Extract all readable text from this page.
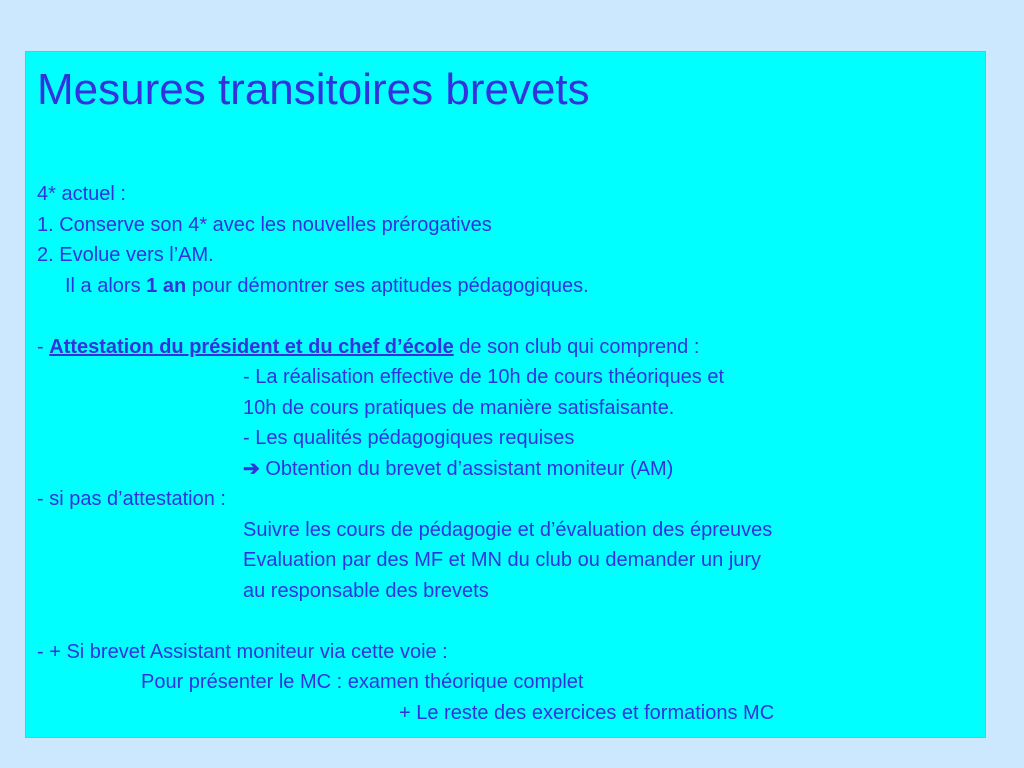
Mesures transitoires brevets
4* actuel :
1. Conserve son 4* avec les nouvelles prérogatives
2. Evolue vers l’AM.
Il a alors 1 an pour démontrer ses aptitudes pédagogiques.
- Attestation du président et du chef d’école de son club qui comprend :
- La réalisation effective de 10h de cours théoriques et
10h de cours pratiques de manière satisfaisante.
- Les qualités pédagogiques requises
➔ Obtention du brevet d’assistant moniteur (AM)
- si pas d’attestation :
Suivre les cours de pédagogie et d’évaluation des épreuves
Evaluation par des MF et MN du club ou demander un jury
au responsable des brevets
- + Si brevet Assistant moniteur via cette voie :
Pour présenter le MC : examen théorique complet
+ Le reste des exercices et formations MC
